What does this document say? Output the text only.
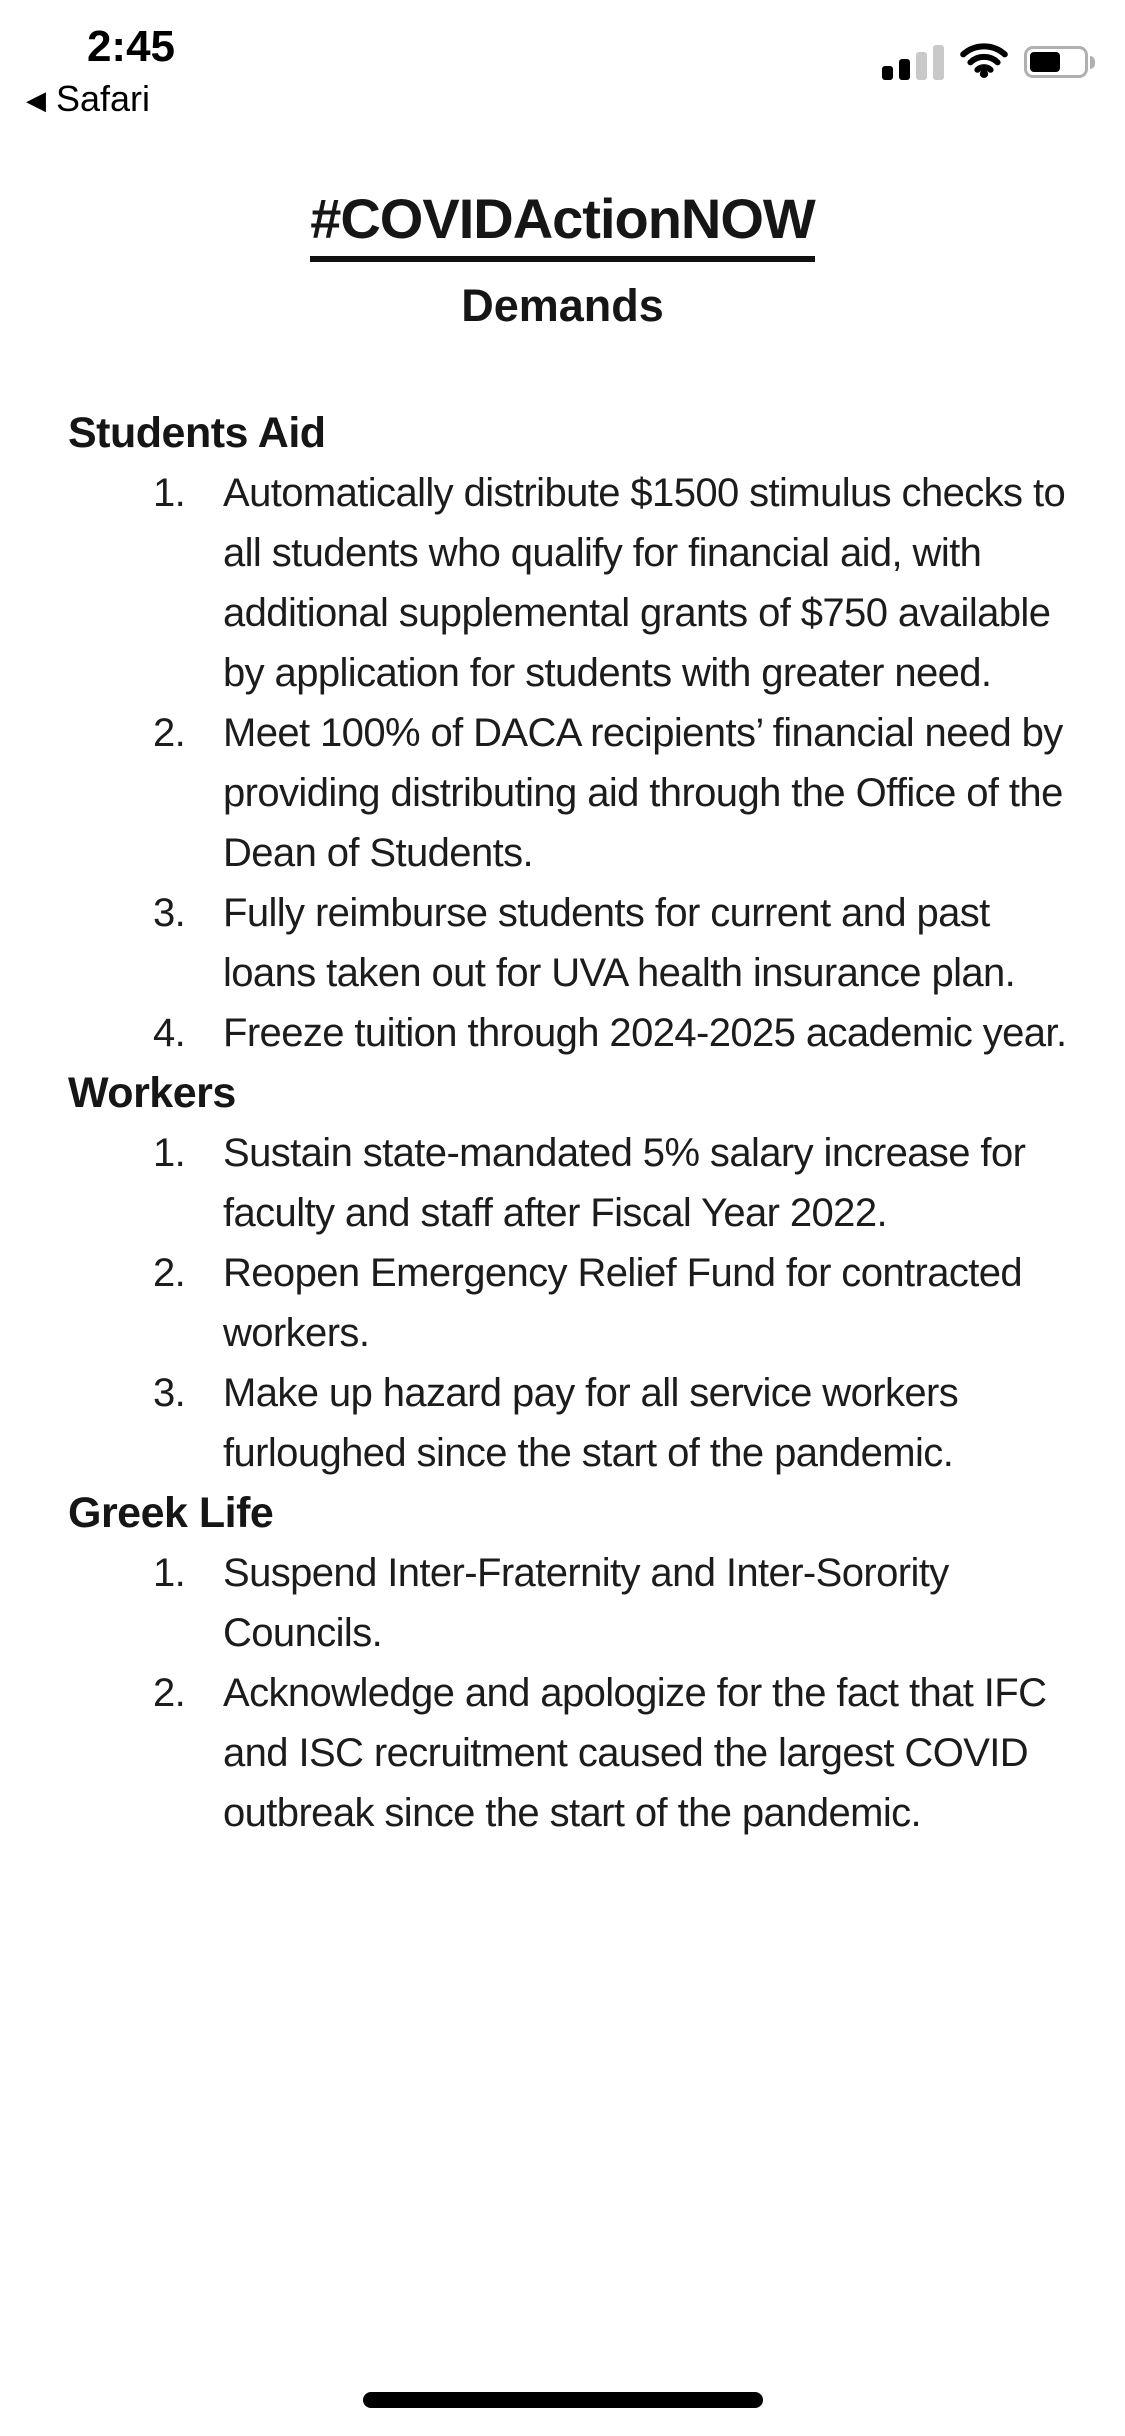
2:45
◀ Safari
#COVIDActionNOW
Demands
Students Aid
1. Automatically distribute $1500 stimulus checks to all students who qualify for financial aid, with additional supplemental grants of $750 available by application for students with greater need.
2. Meet 100% of DACA recipients’ financial need by providing distributing aid through the Office of the Dean of Students.
3. Fully reimburse students for current and past loans taken out for UVA health insurance plan.
4. Freeze tuition through 2024-2025 academic year.
Workers
1. Sustain state-mandated 5% salary increase for faculty and staff after Fiscal Year 2022.
2. Reopen Emergency Relief Fund for contracted workers.
3. Make up hazard pay for all service workers furloughed since the start of the pandemic.
Greek Life
1. Suspend Inter-Fraternity and Inter-Sorority Councils.
2. Acknowledge and apologize for the fact that IFC and ISC recruitment caused the largest COVID outbreak since the start of the pandemic.
